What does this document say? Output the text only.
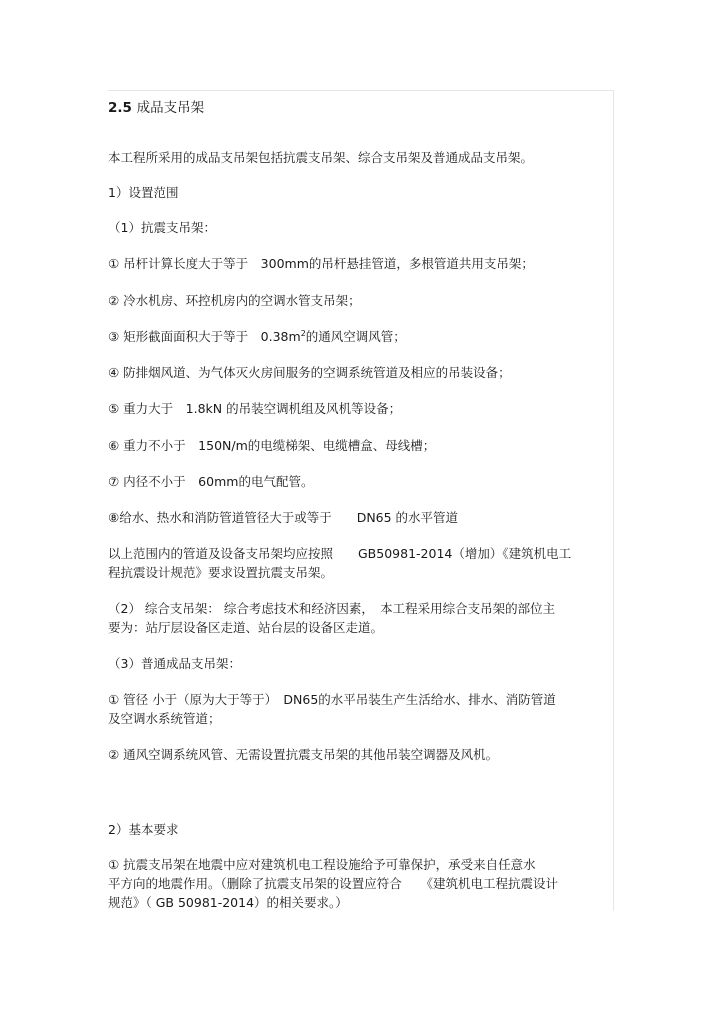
2.5 成品支吊架

本工程所采用的成品支吊架包括抗震支吊架、综合支吊架及普通成品支吊架。

1）设置范围

（1）抗震支吊架：

① 吊杆计算长度大于等于　300mm的吊杆悬挂管道，多根管道共用支吊架；

② 冷水机房、环控机房内的空调水管支吊架；

③ 矩形截面面积大于等于　$0.38m^2$的通风空调风管；

④ 防排烟风道、为气体灭火房间服务的空调系统管道及相应的吊装设备；

⑤ 重力大于　1.8kN 的吊装空调机组及风机等设备；

⑥ 重力不小于　150N/m的电缆梯架、电缆槽盒、母线槽；

⑦ 内径不小于　60mm的电气配管。

⑧给水、热水和消防管道管径大于或等于　　DN65 的水平管道

以上范围内的管道及设备支吊架均应按照　　GB50981-2014（增加）《建筑机电工

程抗震设计规范》要求设置抗震支吊架。

（2） 综合支吊架： 综合考虑技术和经济因素，　本工程采用综合支吊架的部位主

要为：站厅层设备区走道、站台层的设备区走道。

（3）普通成品支吊架：

① 管径 小于（原为大于等于）　DN65的水平吊装生产生活给水、排水、消防管道

及空调水系统管道；

② 通风空调系统风管、无需设置抗震支吊架的其他吊装空调器及风机。

2）基本要求

① 抗震支吊架在地震中应对建筑机电工程设施给予可靠保护，承受来自任意水

平方向的地震作用。（删除了抗震支吊架的设置应符合　　《建筑机电工程抗震设计

规范》（ GB 50981-2014）的相关要求。）
